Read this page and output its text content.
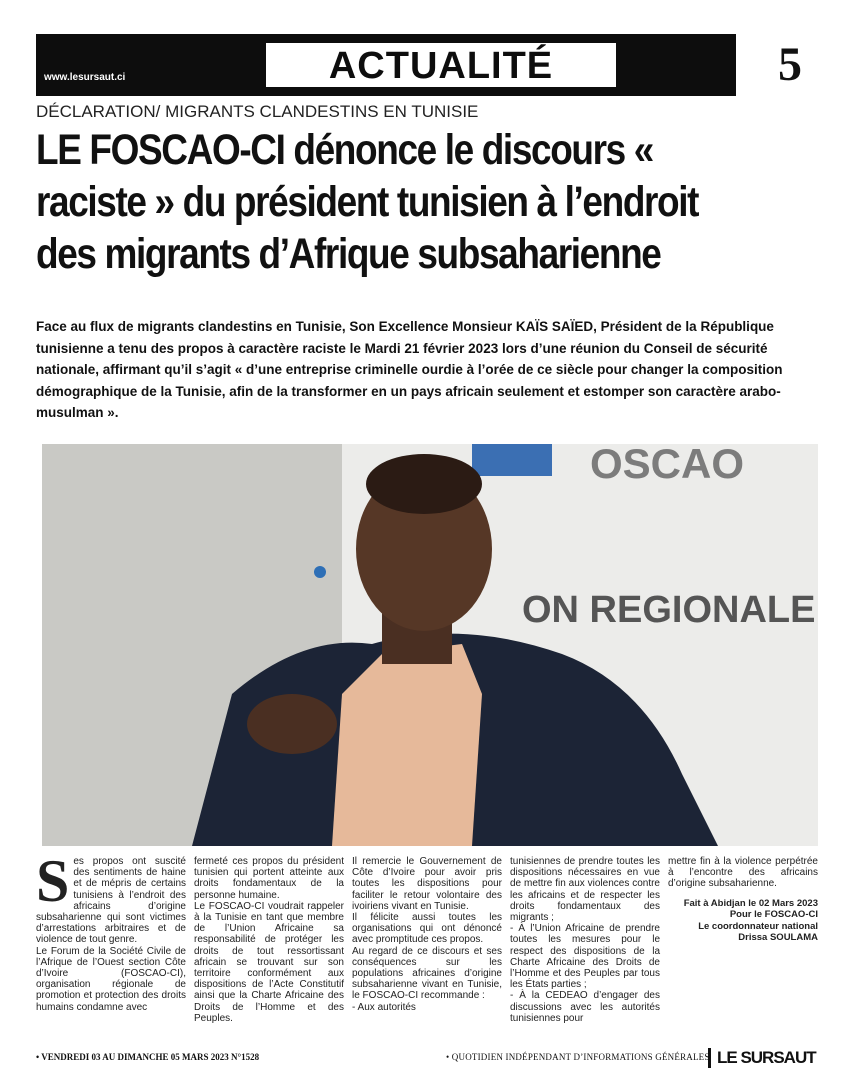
www.lesursaut.ci	ACTUALITÉ	5
DÉCLARATION/ MIGRANTS CLANDESTINS EN TUNISIE
LE FOSCAO-CI dénonce le discours «
raciste » du président tunisien à l’endroit
des migrants d’Afrique subsaharienne
Face au flux de migrants clandestins en Tunisie, Son Excellence Monsieur KAÏS SAÏED, Président de la République tunisienne a tenu des propos à caractère raciste le Mardi 21 février 2023 lors d’une réunion du Conseil de sécurité nationale, affirmant qu’il s’agit « d’une entreprise criminelle ourdie à l’orée de ce siècle pour changer la composition démographique de la Tunisie, afin de la transformer en un pays africain seulement et estomper son caractère arabo-musulman ».
OSCAO
ON REGIONALE
S es propos ont suscité des sentiments de haine et de mépris de certains tunisiens à l’endroit des africains d’origine subsaharienne qui sont victimes d’arrestations arbitraires et de violence de tout genre.
Le Forum de la Société Civile de l’Afrique de l’Ouest section Côte d’Ivoire (FOSCAO-CI), organisation régionale de promotion et protection des droits humains condamne avec
fermeté ces propos du président tunisien qui portent atteinte aux droits fondamentaux de la personne humaine.
Le FOSCAO-CI voudrait rappeler à la Tunisie en tant que membre de l’Union Africaine sa responsabilité de protéger les droits de tout ressortissant africain se trouvant sur son territoire conformément aux dispositions de l’Acte Constitutif ainsi que la Charte Africaine des Droits de l’Homme et des Peuples.
Il remercie le Gouvernement de Côte d’Ivoire pour avoir pris toutes les dispositions pour faciliter le retour volontaire des ivoiriens vivant en Tunisie.
Il félicite aussi toutes les organisations qui ont dénoncé avec promptitude ces propos.
Au regard de ce discours et ses conséquences sur les populations africaines d’origine subsaharienne vivant en Tunisie, le FOSCAO-CI recommande :
- Aux autorités
tunisiennes de prendre toutes les dispositions nécessaires en vue de mettre fin aux violences contre les africains et de respecter les droits fondamentaux des migrants ;
- À l’Union Africaine de prendre toutes les mesures pour le respect des dispositions de la Charte Africaine des Droits de l’Homme et des Peuples par tous les États parties ;
- À la CEDEAO d’engager des discussions avec les autorités tunisiennes pour
mettre fin à la violence perpétrée à l’encontre des africains d’origine subsaharienne.
Fait à Abidjan le 02 Mars 2023
Pour le FOSCAO-CI
Le coordonnateur national
Drissa SOULAMA
• VENDREDI 03 AU DIMANCHE 05 MARS 2023 N°1528	• QUOTIDIEN INDÉPENDANT D’INFORMATIONS GÉNÉRALES LE SURSAUT
